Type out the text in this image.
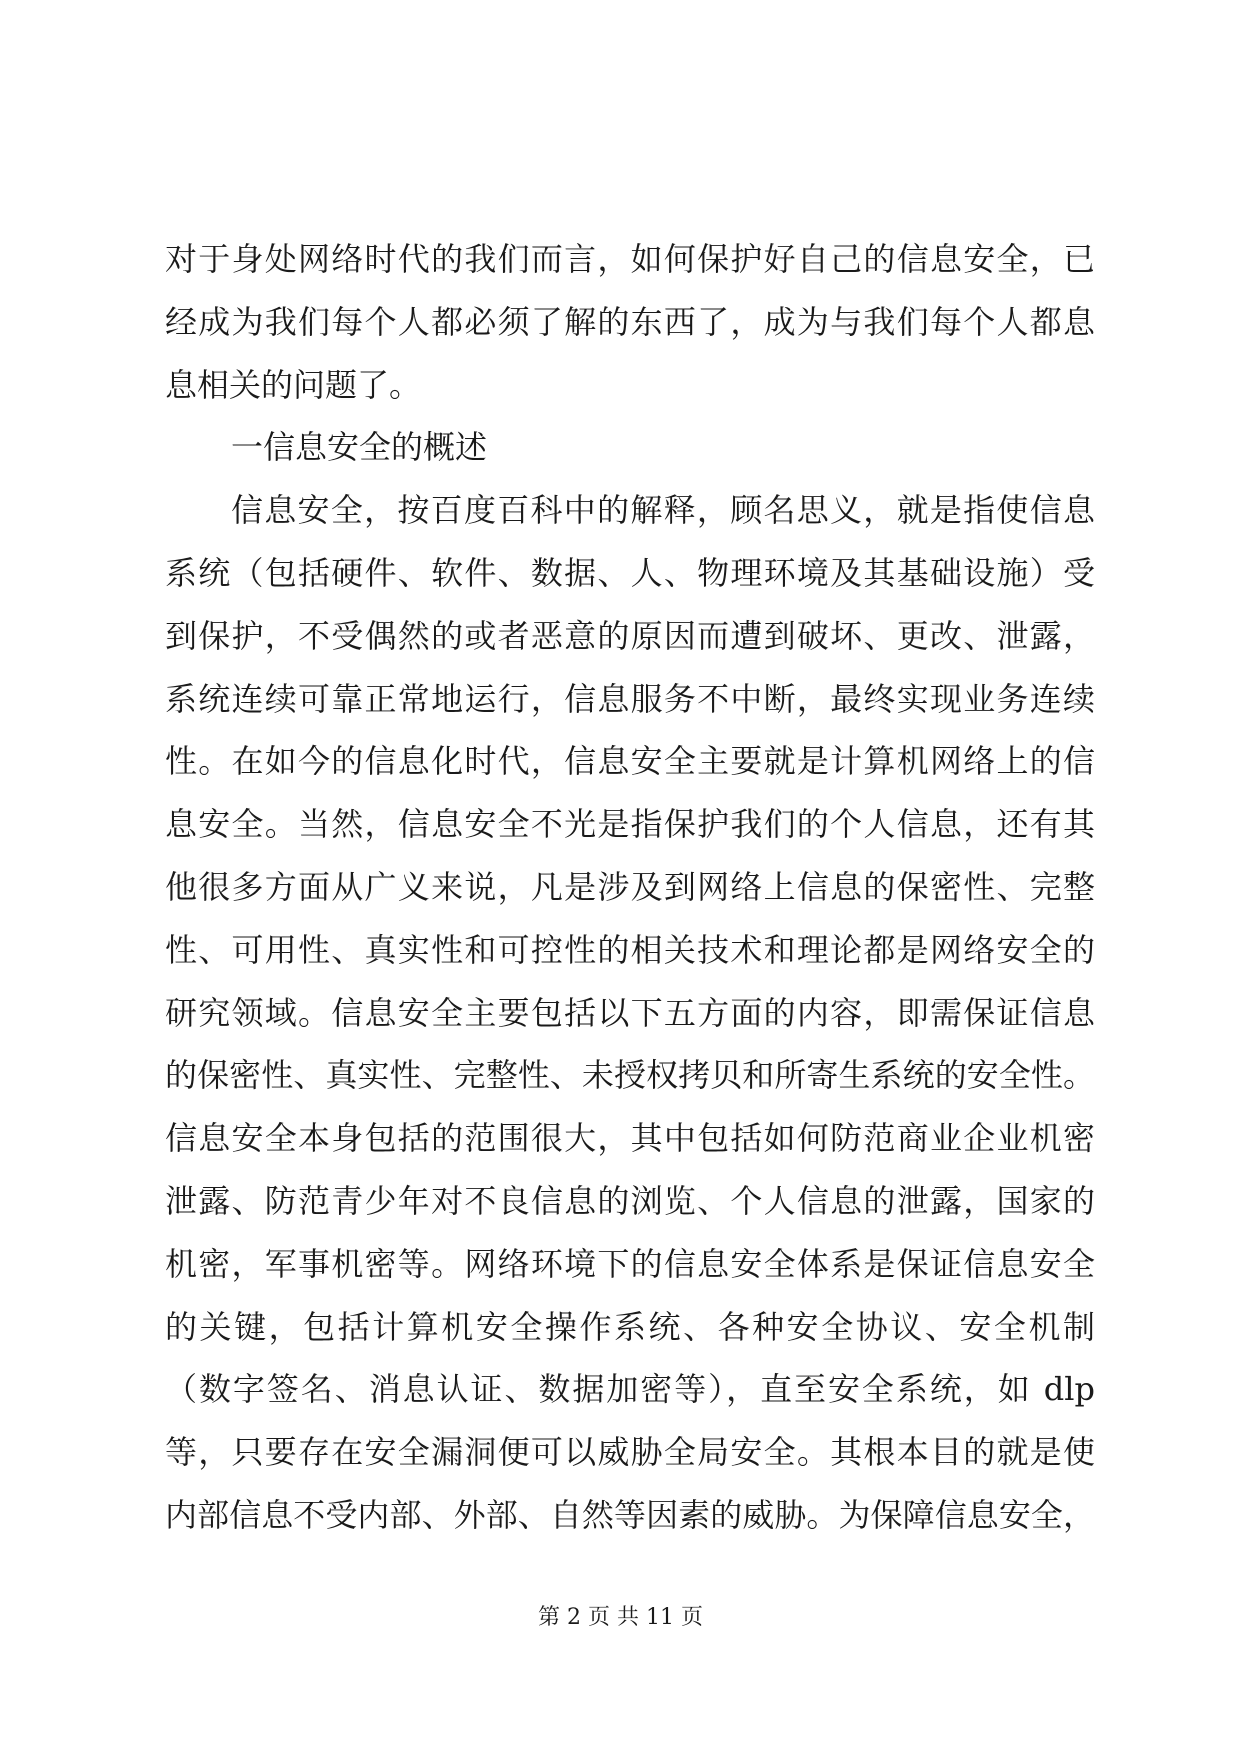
对于身处网络时代的我们而言，如何保护好自己的信息安全，已
经成为我们每个人都必须了解的东西了，成为与我们每个人都息
息相关的问题了。
一信息安全的概述
信息安全，按百度百科中的解释，顾名思义，就是指使信息
系统（包括硬件、软件、数据、人、物理环境及其基础设施）受
到保护，不受偶然的或者恶意的原因而遭到破坏、更改、泄露，
系统连续可靠正常地运行，信息服务不中断，最终实现业务连续
性。在如今的信息化时代，信息安全主要就是计算机网络上的信
息安全。当然，信息安全不光是指保护我们的个人信息，还有其
他很多方面从广义来说，凡是涉及到网络上信息的保密性、完整
性、可用性、真实性和可控性的相关技术和理论都是网络安全的
研究领域。信息安全主要包括以下五方面的内容，即需保证信息
的保密性、真实性、完整性、未授权拷贝和所寄生系统的安全性。
信息安全本身包括的范围很大，其中包括如何防范商业企业机密
泄露、防范青少年对不良信息的浏览、个人信息的泄露，国家的
机密，军事机密等。网络环境下的信息安全体系是保证信息安全
的关键，包括计算机安全操作系统、各种安全协议、安全机制
（数字签名、消息认证、数据加密等），直至安全系统，如 dlp
等，只要存在安全漏洞便可以威胁全局安全。其根本目的就是使
内部信息不受内部、外部、自然等因素的威胁。为保障信息安全，
第 2 页 共 11 页
